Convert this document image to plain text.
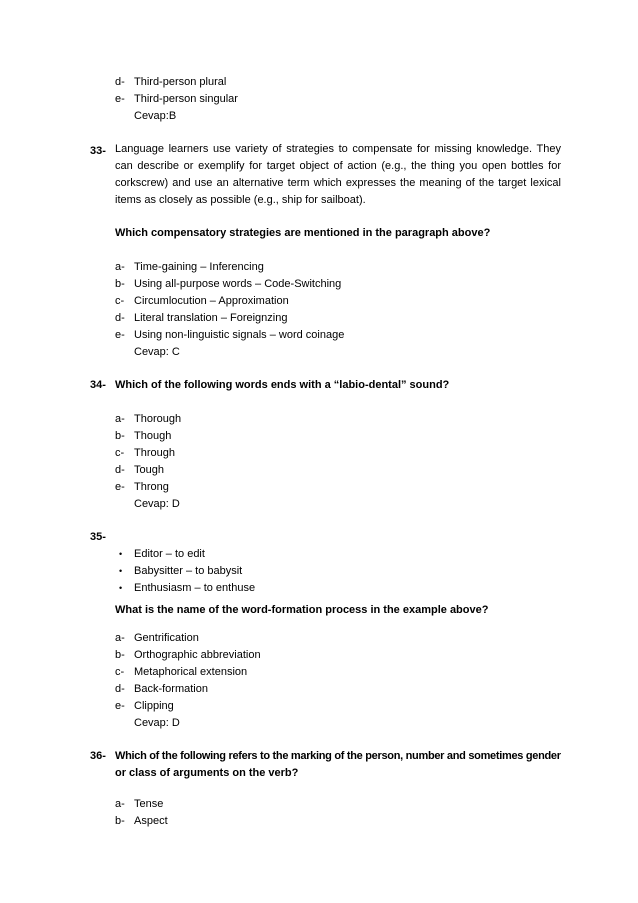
d- Third-person plural
e- Third-person singular
Cevap:B
33- Language learners use variety of strategies to compensate for missing knowledge. They can describe or exemplify for target object of action (e.g., the thing you open bottles for corkscrew) and use an alternative term which expresses the meaning of the target lexical items as closely as possible (e.g., ship for sailboat).
Which compensatory strategies are mentioned in the paragraph above?
a- Time-gaining – Inferencing
b- Using all-purpose words – Code-Switching
c- Circumlocution – Approximation
d- Literal translation – Foreignzing
e- Using non-linguistic signals – word coinage
Cevap: C
34- Which of the following words ends with a “labio-dental” sound?
a- Thorough
b- Though
c- Through
d- Tough
e- Throng
Cevap: D
35-
• Editor – to edit
• Babysitter – to babysit
• Enthusiasm – to enthuse
What is the name of the word-formation process in the example above?
a- Gentrification
b- Orthographic abbreviation
c- Metaphorical extension
d- Back-formation
e- Clipping
Cevap: D
36- Which of the following refers to the marking of the person, number and sometimes gender
or class of arguments on the verb?
a- Tense
b- Aspect
